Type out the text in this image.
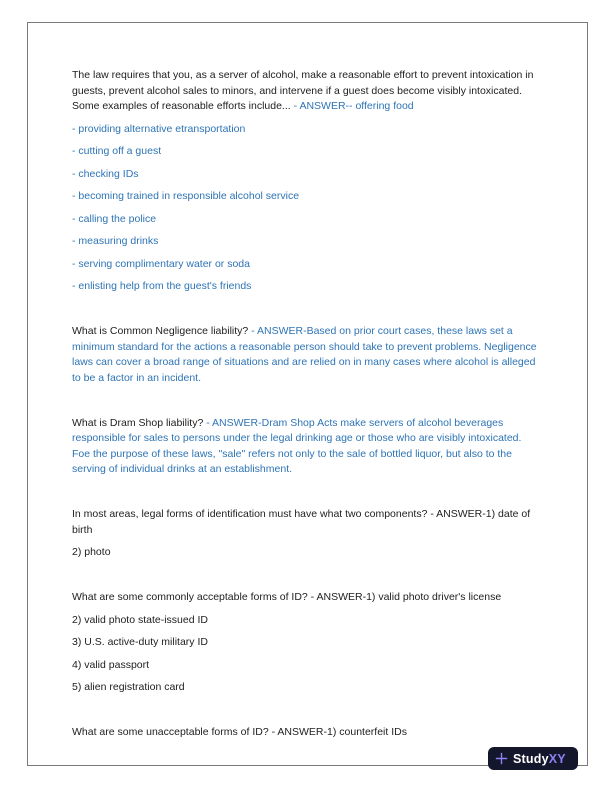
The law requires that you, as a server of alcohol, make a reasonable effort to prevent intoxication in guests, prevent alcohol sales to minors, and intervene if a guest does become visibly intoxicated. Some examples of reasonable efforts include... - ANSWER-- offering food

- providing alternative etransportation

- cutting off a guest

- checking IDs

- becoming trained in responsible alcohol service

- calling the police

- measuring drinks

- serving complimentary water or soda

- enlisting help from the guest's friends

What is Common Negligence liability? - ANSWER-Based on prior court cases, these laws set a minimum standard for the actions a reasonable person should take to prevent problems. Negligence laws can cover a broad range of situations and are relied on in many cases where alcohol is alleged to be a factor in an incident.

What is Dram Shop liability? - ANSWER-Dram Shop Acts make servers of alcohol beverages responsible for sales to persons under the legal drinking age or those who are visibly intoxicated. Foe the purpose of these laws, "sale" refers not only to the sale of bottled liquor, but also to the serving of individual drinks at an establishment.

In most areas, legal forms of identification must have what two components? - ANSWER-1) date of birth

2) photo

What are some commonly acceptable forms of ID? - ANSWER-1) valid photo driver's license

2) valid photo state-issued ID

3) U.S. active-duty military ID

4) valid passport

5) alien registration card

What are some unacceptable forms of ID? - ANSWER-1) counterfeit IDs

StudyXY
